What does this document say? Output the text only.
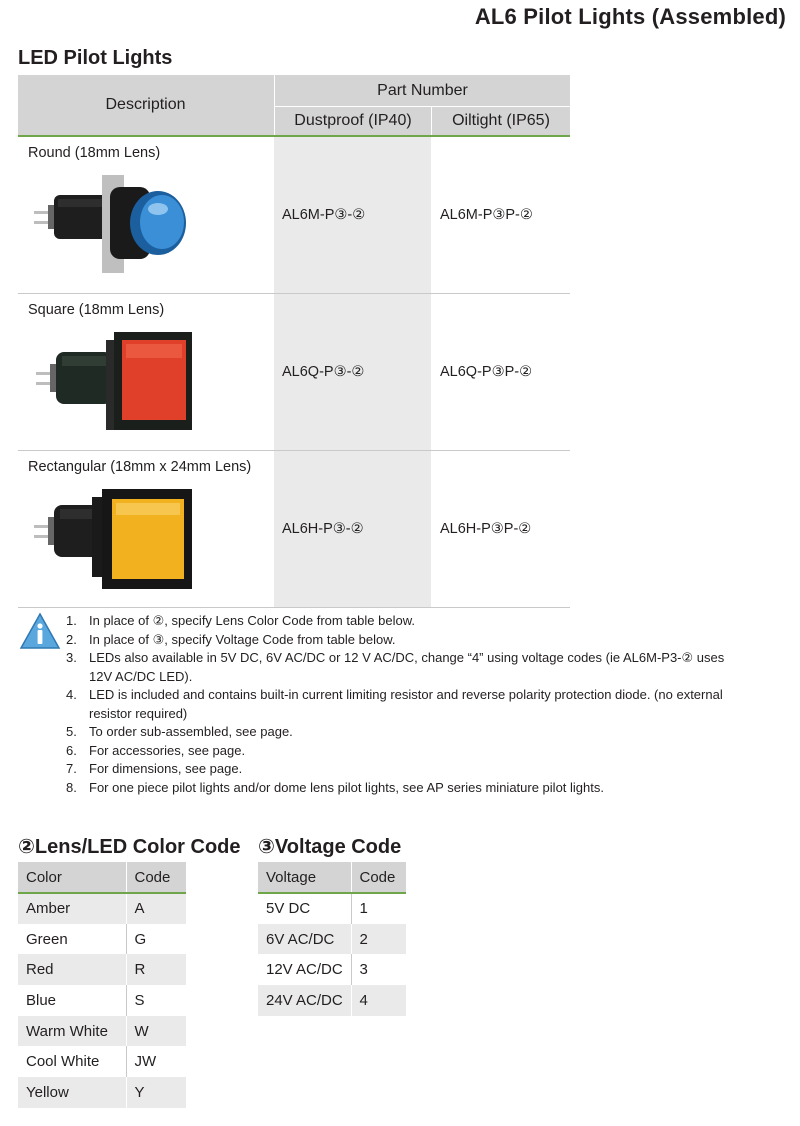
AL6 Pilot Lights (Assembled)
LED Pilot Lights
Description
Part Number
Dustproof (IP40)	Oiltight (IP65)
Round (18mm Lens)
AL6M-P③-②	AL6M-P③P-②
Square (18mm Lens)
AL6Q-P③-②	AL6Q-P③P-②
Rectangular (18mm x 24mm Lens)
AL6H-P③-②	AL6H-P③P-②
1. In place of ②, specify Lens Color Code from table below.
2. In place of ③, specify Voltage Code from table below.
3. LEDs also available in 5V DC, 6V AC/DC or 12 V AC/DC, change “4” using voltage codes (ie AL6M-P3-② uses 12V AC/DC LED).
4. LED is included and contains built-in current limiting resistor and reverse polarity protection diode. (no external resistor required)
5. To order sub-assembled, see page.
6. For accessories, see page.
7. For dimensions, see page.
8. For one piece pilot lights and/or dome lens pilot lights, see AP series miniature pilot lights.
②Lens/LED Color Code
Color	Code
Amber	A
Green	G
Red	R
Blue	S
Warm White	W
Cool White	JW
Yellow	Y
③Voltage Code
Voltage	Code
5V DC	1
6V AC/DC	2
12V AC/DC	3
24V AC/DC	4
